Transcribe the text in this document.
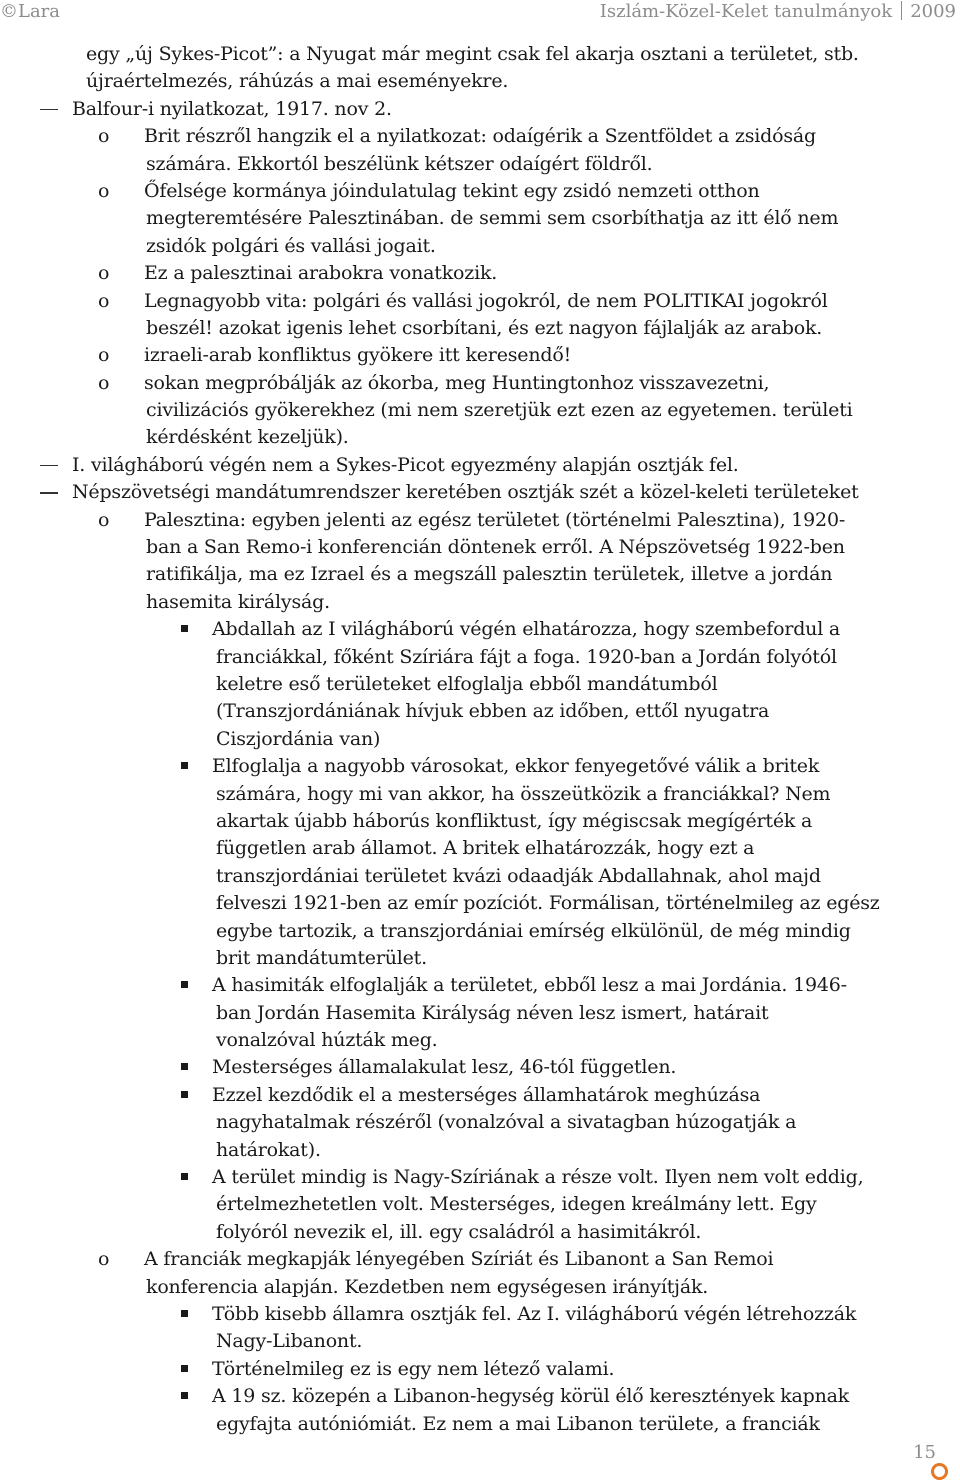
©Lara	Iszlám-Közel-Kelet tanulmányok 2009
egy „új Sykes-Picot”: a Nyugat már megint csak fel akarja osztani a területet, stb.
újraértelmezés, ráhúzás a mai eseményekre.
Balfour-i nyilatkozat, 1917. nov 2.
o Brit részről hangzik el a nyilatkozat: odaígérik a Szentföldet a zsidóság
számára. Ekkortól beszélünk kétszer odaígért földről.
o Őfelsége kormánya jóindulatulag tekint egy zsidó nemzeti otthon
megteremtésére Palesztinában. de semmi sem csorbíthatja az itt élő nem
zsidók polgári és vallási jogait.
o Ez a palesztinai arabokra vonatkozik.
o Legnagyobb vita: polgári és vallási jogokról, de nem POLITIKAI jogokról
beszél! azokat igenis lehet csorbítani, és ezt nagyon fájlalják az arabok.
o izraeli-arab konfliktus gyökere itt keresendő!
o sokan megpróbálják az ókorba, meg Huntingtonhoz visszavezetni,
civilizációs gyökerekhez (mi nem szeretjük ezt ezen az egyetemen. területi
kérdésként kezeljük).
I. világháború végén nem a Sykes-Picot egyezmény alapján osztják fel.
Népszövetségi mandátumrendszer keretében osztják szét a közel-keleti területeket
o Palesztina: egyben jelenti az egész területet (történelmi Palesztina), 1920-
ban a San Remo-i konferencián döntenek erről. A Népszövetség 1922-ben
ratifikálja, ma ez Izrael és a megszáll palesztin területek, illetve a jordán
hasemita királyság.
Abdallah az I világháború végén elhatározza, hogy szembefordul a
franciákkal, főként Szíriára fájt a foga. 1920-ban a Jordán folyótól
keletre eső területeket elfoglalja ebből mandátumból
(Transzjordániának hívjuk ebben az időben, ettől nyugatra
Ciszjordánia van)
Elfoglalja a nagyobb városokat, ekkor fenyegetővé válik a britek
számára, hogy mi van akkor, ha összeütközik a franciákkal? Nem
akartak újabb háborús konfliktust, így mégiscsak megígérték a
független arab államot. A britek elhatározzák, hogy ezt a
transzjordániai területet kvázi odaadják Abdallahnak, ahol majd
felveszi 1921-ben az emír pozíciót. Formálisan, történelmileg az egész
egybe tartozik, a transzjordániai emírség elkülönül, de még mindig
brit mandátumterület.
A hasimiták elfoglalják a területet, ebből lesz a mai Jordánia. 1946-
ban Jordán Hasemita Királyság néven lesz ismert, határait
vonalzóval húzták meg.
Mesterséges államalakulat lesz, 46-tól független.
Ezzel kezdődik el a mesterséges államhatárok meghúzása
nagyhatalmak részéről (vonalzóval a sivatagban húzogatják a
határokat).
A terület mindig is Nagy-Szíriának a része volt. Ilyen nem volt eddig,
értelmezhetetlen volt. Mesterséges, idegen kreálmány lett. Egy
folyóról nevezik el, ill. egy családról a hasimitákról.
o A franciák megkapják lényegében Szíriát és Libanont a San Remoi
konferencia alapján. Kezdetben nem egységesen irányítják.
Több kisebb államra osztják fel. Az I. világháború végén létrehozzák
Nagy-Libanont.
Történelmileg ez is egy nem létező valami.
A 19 sz. közepén a Libanon-hegység körül élő keresztények kapnak
egyfajta autóniómiát. Ez nem a mai Libanon területe, a franciák
15
